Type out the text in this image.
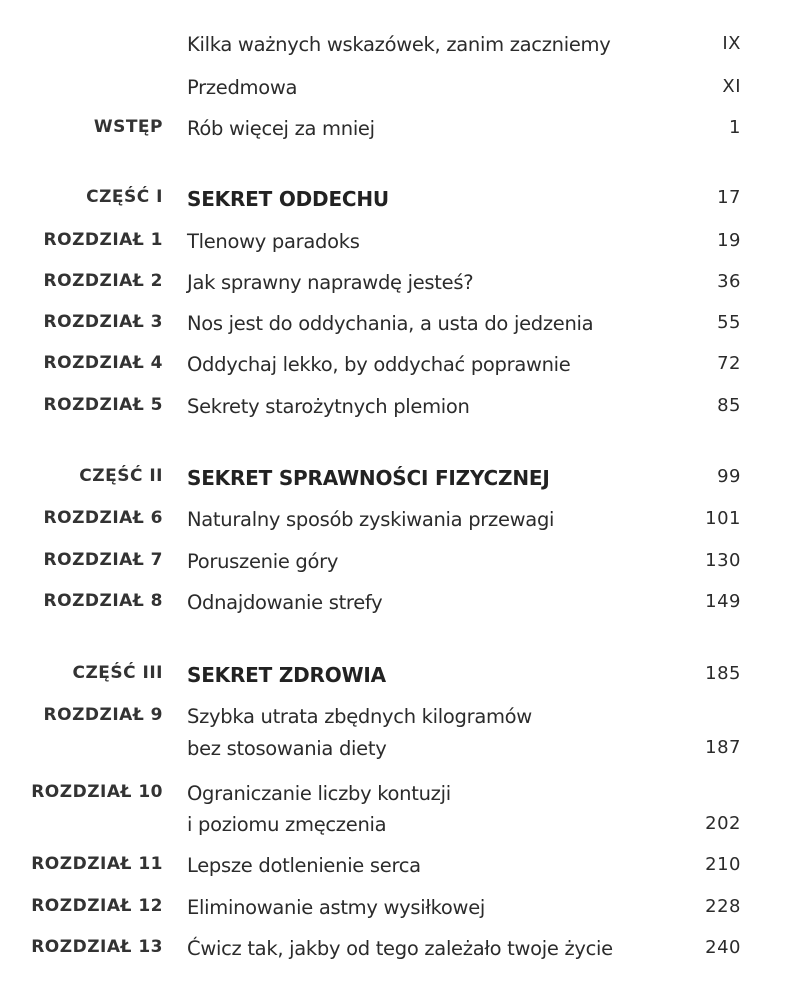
Kilka ważnych wskazówek, zanim zaczniemy	IX
Przedmowa	XI
WSTĘP Rób więcej za mniej	1
CZĘŚĆ I SEKRET ODDECHU	17
ROZDZIAŁ 1 Tlenowy paradoks	19
ROZDZIAŁ 2 Jak sprawny naprawdę jesteś?	36
ROZDZIAŁ 3 Nos jest do oddychania, a usta do jedzenia	55
ROZDZIAŁ 4 Oddychaj lekko, by oddychać poprawnie	72
ROZDZIAŁ 5 Sekrety starożytnych plemion	85
CZĘŚĆ II SEKRET SPRAWNOŚCI FIZYCZNEJ	99
ROZDZIAŁ 6 Naturalny sposób zyskiwania przewagi	101
ROZDZIAŁ 7 Poruszenie góry	130
ROZDZIAŁ 8 Odnajdowanie strefy	149
CZĘŚĆ III SEKRET ZDROWIA	185
ROZDZIAŁ 9 Szybka utrata zbędnych kilogramów
bez stosowania diety	187
ROZDZIAŁ 10 Ograniczanie liczby kontuzji
i poziomu zmęczenia	202
ROZDZIAŁ 11 Lepsze dotlenienie serca	210
ROZDZIAŁ 12 Eliminowanie astmy wysiłkowej	228
ROZDZIAŁ 13 Ćwicz tak, jakby od tego zależało twoje życie	240
